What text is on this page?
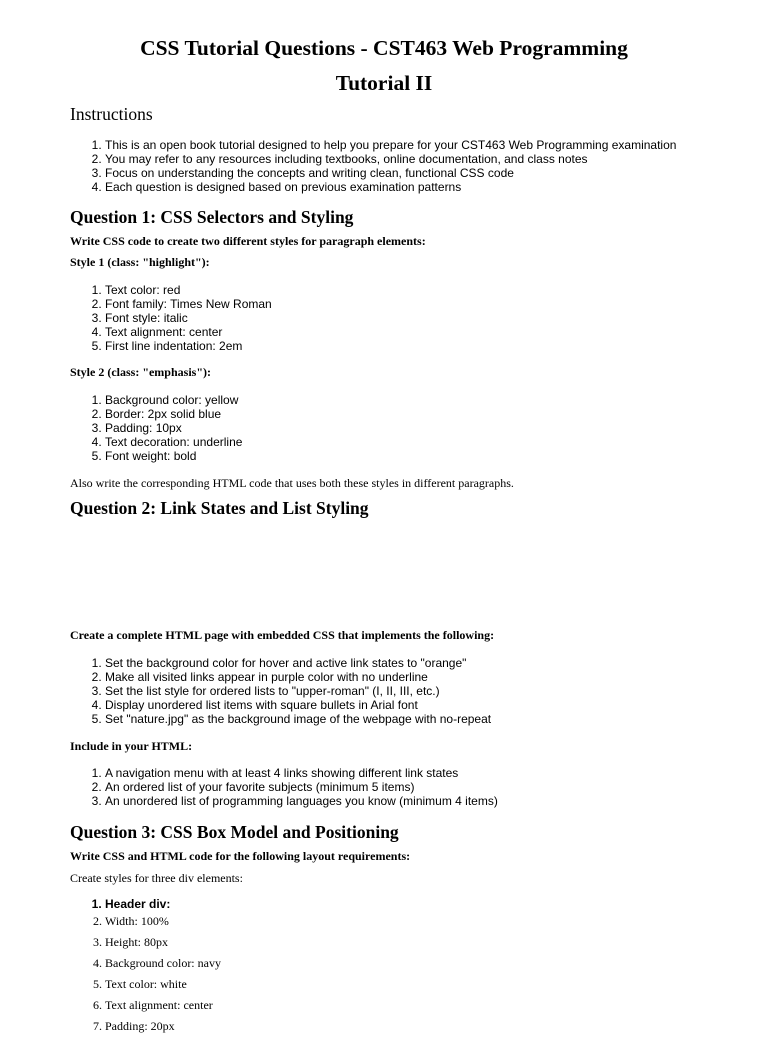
CSS Tutorial Questions - CST463 Web Programming
Tutorial II
Instructions
1. This is an open book tutorial designed to help you prepare for your CST463 Web Programming examination
2. You may refer to any resources including textbooks, online documentation, and class notes
3. Focus on understanding the concepts and writing clean, functional CSS code
4. Each question is designed based on previous examination patterns
Question 1: CSS Selectors and Styling

Write CSS code to create two different styles for paragraph elements:

Style 1 (class: "highlight"):

1. Text color: red
2. Font family: Times New Roman
3. Font style: italic
4. Text alignment: center
5. First line indentation: 2em

Style 2 (class: "emphasis"):

1. Background color: yellow
2. Border: 2px solid blue
3. Padding: 10px
4. Text decoration: underline
5. Font weight: bold

Also write the corresponding HTML code that uses both these styles in different paragraphs.

Question 2: Link States and List Styling

Create a complete HTML page with embedded CSS that implements the following:

1. Set the background color for hover and active link states to "orange"
2. Make all visited links appear in purple color with no underline
3. Set the list style for ordered lists to "upper-roman" (I, II, III, etc.)
4. Display unordered list items with square bullets in Arial font
5. Set "nature.jpg" as the background image of the webpage with no-repeat

Include in your HTML:

1. A navigation menu with at least 4 links showing different link states
2. An ordered list of your favorite subjects (minimum 5 items)
3. An unordered list of programming languages you know (minimum 4 items)
Question 3: CSS Box Model and Positioning

Write CSS and HTML code for the following layout requirements:

Create styles for three div elements:

1. Header div:
2. Width: 100%
3. Height: 80px
4. Background color: navy
5. Text color: white
6. Text alignment: center
7. Padding: 20px
